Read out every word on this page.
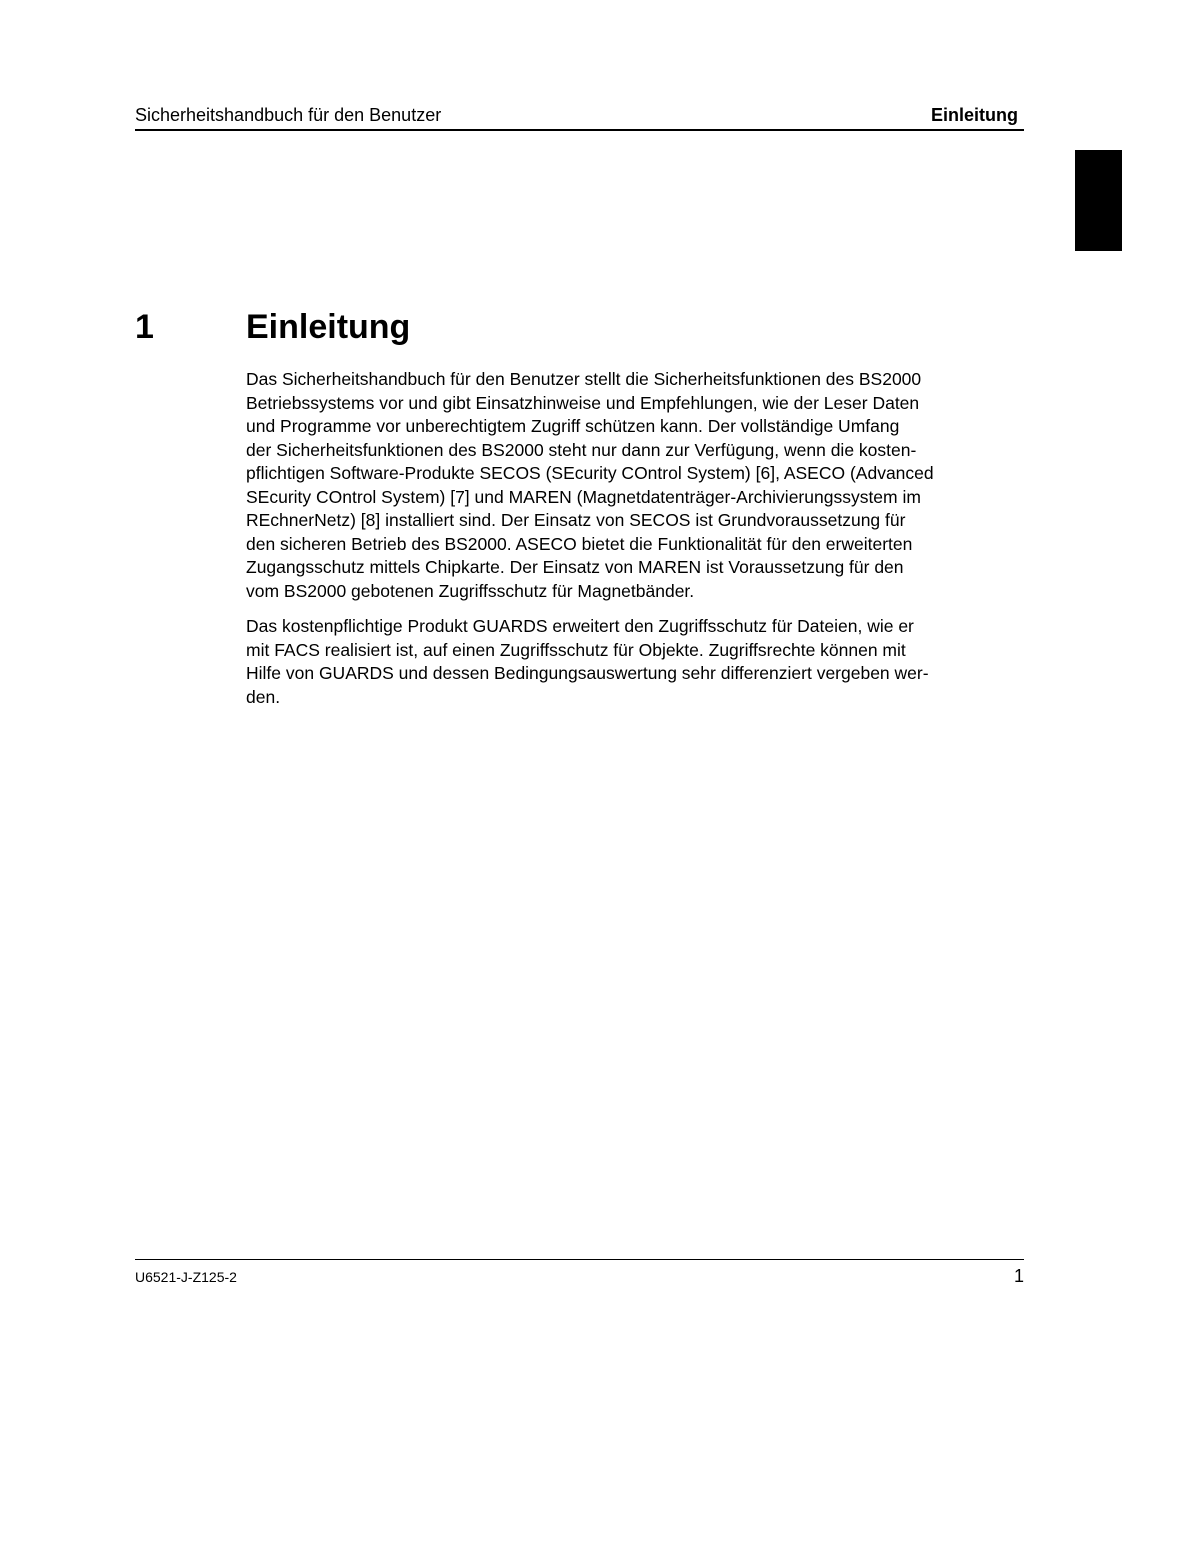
Sicherheitshandbuch für den Benutzer	Einleitung
1	Einleitung

Das Sicherheitshandbuch für den Benutzer stellt die Sicherheitsfunktionen des BS2000
Betriebssystems vor und gibt Einsatzhinweise und Empfehlungen, wie der Leser Daten
und Programme vor unberechtigtem Zugriff schützen kann. Der vollständige Umfang
der Sicherheitsfunktionen des BS2000 steht nur dann zur Verfügung, wenn die kosten-
pflichtigen Software-Produkte SECOS (SEcurity COntrol System) [6], ASECO (Advanced
SEcurity COntrol System) [7] und MAREN (Magnetdatenträger-Archivierungssystem im
REchnerNetz) [8] installiert sind. Der Einsatz von SECOS ist Grundvoraussetzung für
den sicheren Betrieb des BS2000. ASECO bietet die Funktionalität für den erweiterten
Zugangsschutz mittels Chipkarte. Der Einsatz von MAREN ist Voraussetzung für den
vom BS2000 gebotenen Zugriffsschutz für Magnetbänder.

Das kostenpflichtige Produkt GUARDS erweitert den Zugriffsschutz für Dateien, wie er
mit FACS realisiert ist, auf einen Zugriffsschutz für Objekte. Zugriffsrechte können mit
Hilfe von GUARDS und dessen Bedingungsauswertung sehr differenziert vergeben wer-
den.

U6521-J-Z125-2	1
